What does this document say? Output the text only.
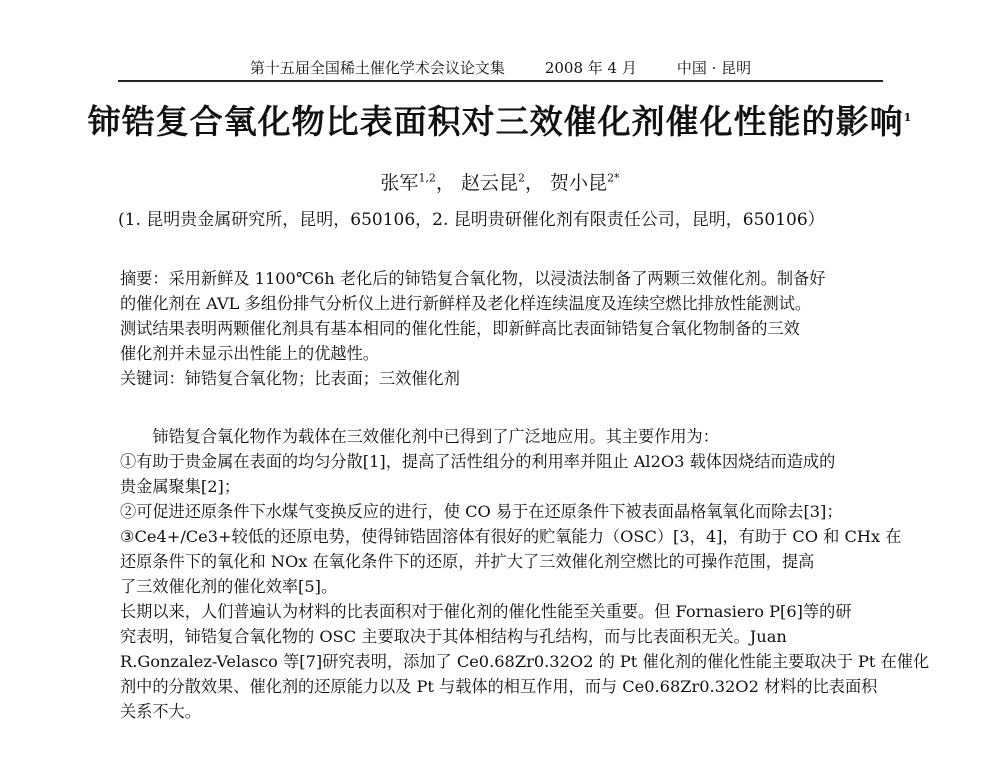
第十五届全国稀土催化学术会议论文集	2008 年 4 月	中国 · 昆明
铈锆复合氧化物比表面积对三效催化剂催化性能的影响$^1$
张军$^{1,2}$， 赵云昆$^2$， 贺小昆$^{2*}$
(1. 昆明贵金属研究所，昆明，650106，2. 昆明贵研催化剂有限责任公司，昆明，650106）
摘要：采用新鲜及 1100℃6h 老化后的铈锆复合氧化物，以浸渍法制备了两颗三效催化剂。制备好
的催化剂在 AVL 多组份排气分析仪上进行新鲜样及老化样连续温度及连续空燃比排放性能测试。
测试结果表明两颗催化剂具有基本相同的催化性能，即新鲜高比表面铈锆复合氧化物制备的三效
催化剂并未显示出性能上的优越性。
关键词：铈锆复合氧化物；比表面；三效催化剂
　　铈锆复合氧化物作为载体在三效催化剂中已得到了广泛地应用。其主要作用为：
①有助于贵金属在表面的均匀分散[1]，提高了活性组分的利用率并阻止 Al2O3 载体因烧结而造成的
贵金属聚集[2]；
②可促进还原条件下水煤气变换反应的进行，使 CO 易于在还原条件下被表面晶格氧氧化而除去[3]；
③Ce4+/Ce3+较低的还原电势，使得铈锆固溶体有很好的贮氧能力（OSC）[3，4]，有助于 CO 和 CHx 在
还原条件下的氧化和 NOx 在氧化条件下的还原，并扩大了三效催化剂空燃比的可操作范围，提高
了三效催化剂的催化效率[5]。
长期以来，人们普遍认为材料的比表面积对于催化剂的催化性能至关重要。但 Fornasiero P[6]等的研
究表明，铈锆复合氧化物的 OSC 主要取决于其体相结构与孔结构，而与比表面积无关。Juan
R.Gonzalez-Velasco 等[7]研究表明，添加了 Ce0.68Zr0.32O2 的 Pt 催化剂的催化性能主要取决于 Pt 在催化
剂中的分散效果、催化剂的还原能力以及 Pt 与载体的相互作用，而与 Ce0.68Zr0.32O2 材料的比表面积
关系不大。
